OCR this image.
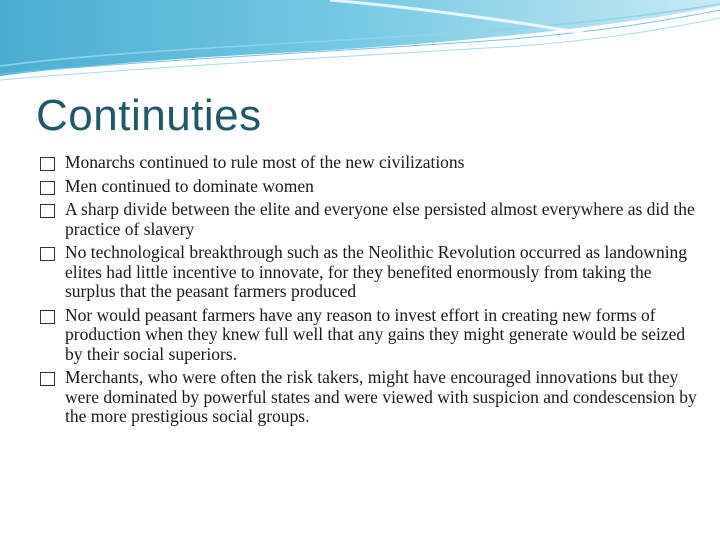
Continuties
Monarchs continued to rule most of the new civilizations
Men continued to dominate women
A sharp divide between the elite and everyone else persisted almost everywhere as did the practice of slavery
No technological breakthrough such as the Neolithic Revolution occurred as landowning elites had little incentive to innovate, for they benefited enormously from taking the surplus that the peasant farmers produced
Nor would peasant farmers have any reason to invest effort in creating new forms of production when they knew full well that any gains they might generate would be seized by their social superiors.
Merchants, who were often the risk takers, might have encouraged innovations but they were dominated by powerful states and were viewed with suspicion and condescension by the more prestigious social groups.
